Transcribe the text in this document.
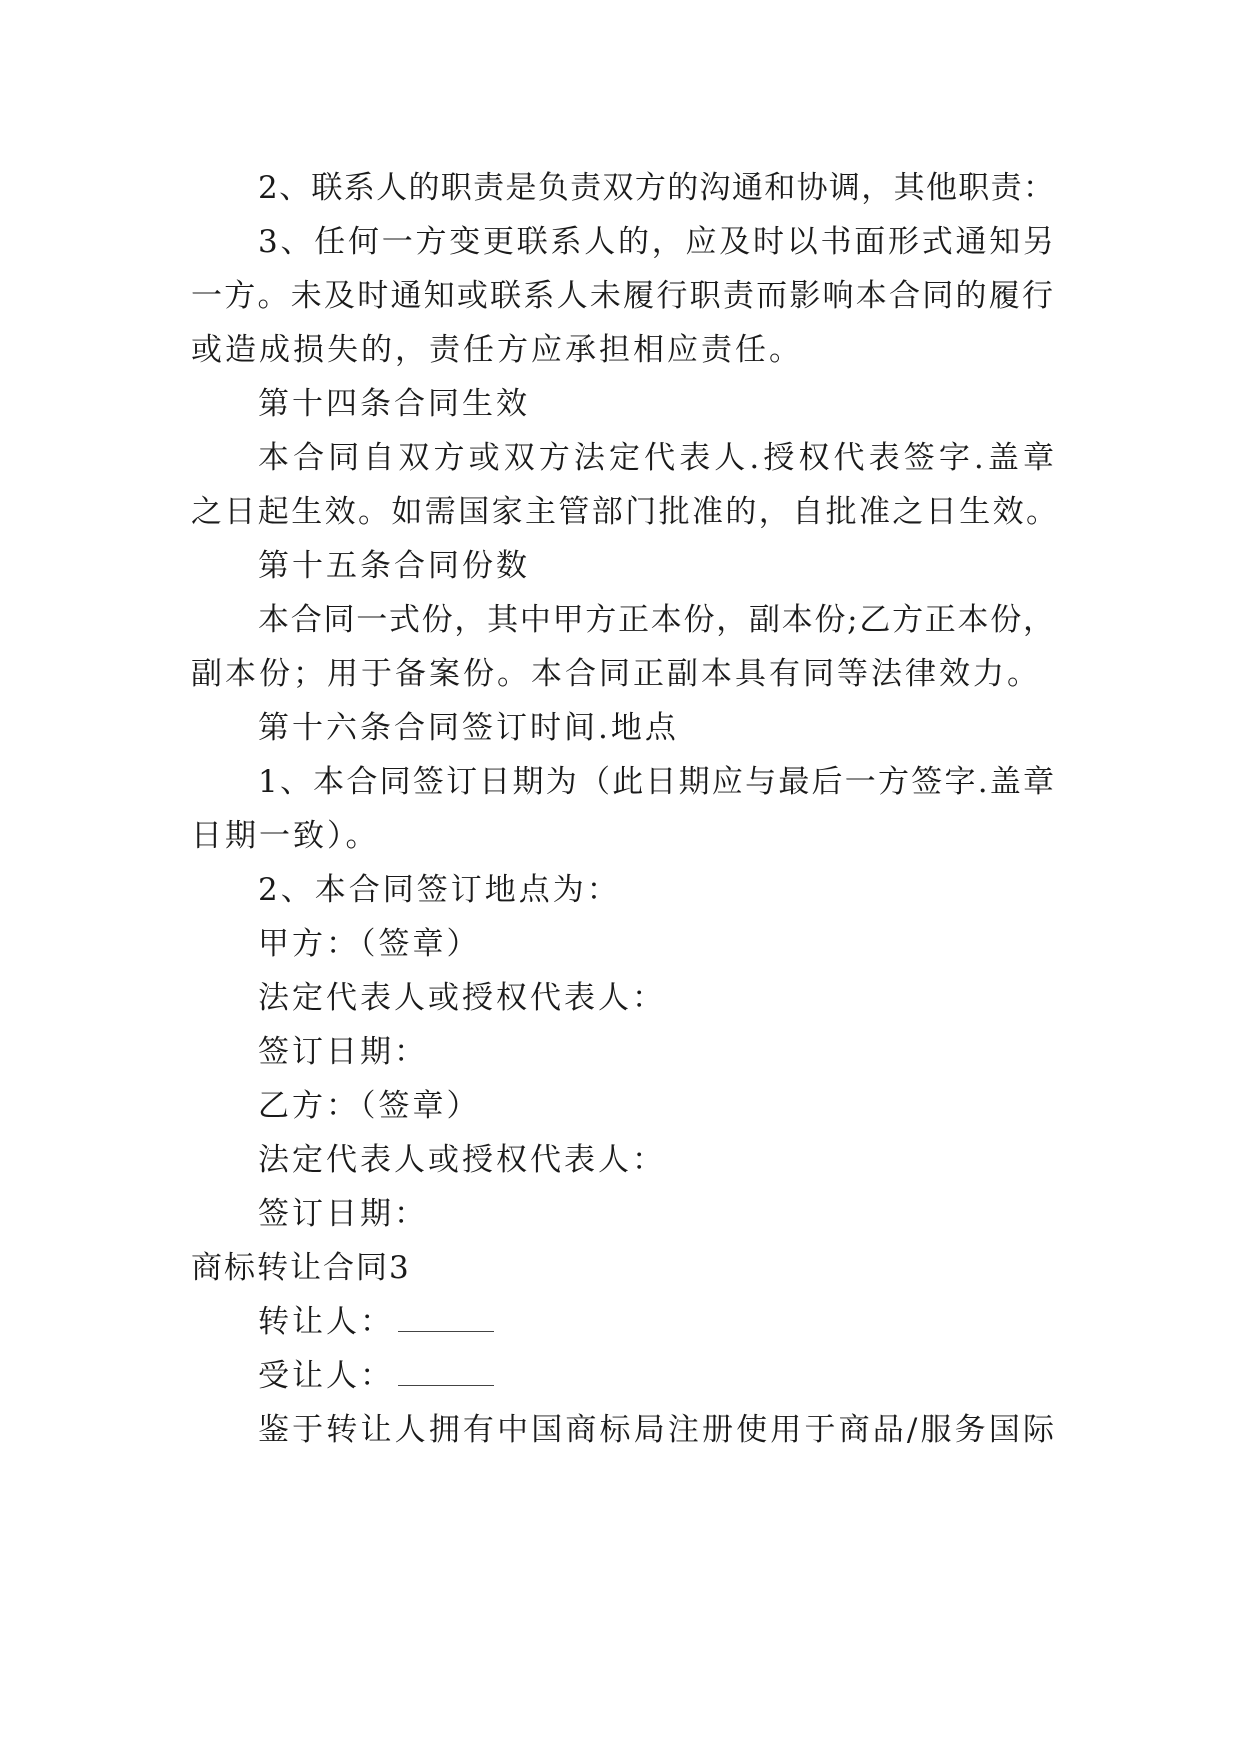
2、联系人的职责是负责双方的沟通和协调，其他职责：
3、任何一方变更联系人的，应及时以书面形式通知另
一方。未及时通知或联系人未履行职责而影响本合同的履行
或造成损失的，责任方应承担相应责任。
第十四条合同生效
本合同自双方或双方法定代表人.授权代表签字.盖章
之日起生效。如需国家主管部门批准的，自批准之日生效。
第十五条合同份数
本合同一式份，其中甲方正本份，副本份;乙方正本份，
副本份；用于备案份。本合同正副本具有同等法律效力。
第十六条合同签订时间.地点
1、本合同签订日期为（此日期应与最后一方签字.盖章
日期一致）。
2、本合同签订地点为：
甲方：（签章）
法定代表人或授权代表人：
签订日期：
乙方：（签章）
法定代表人或授权代表人：
签订日期：
商标转让合同3
转让人：
受让人：
鉴于转让人拥有中国商标局注册使用于商品/服务国际
